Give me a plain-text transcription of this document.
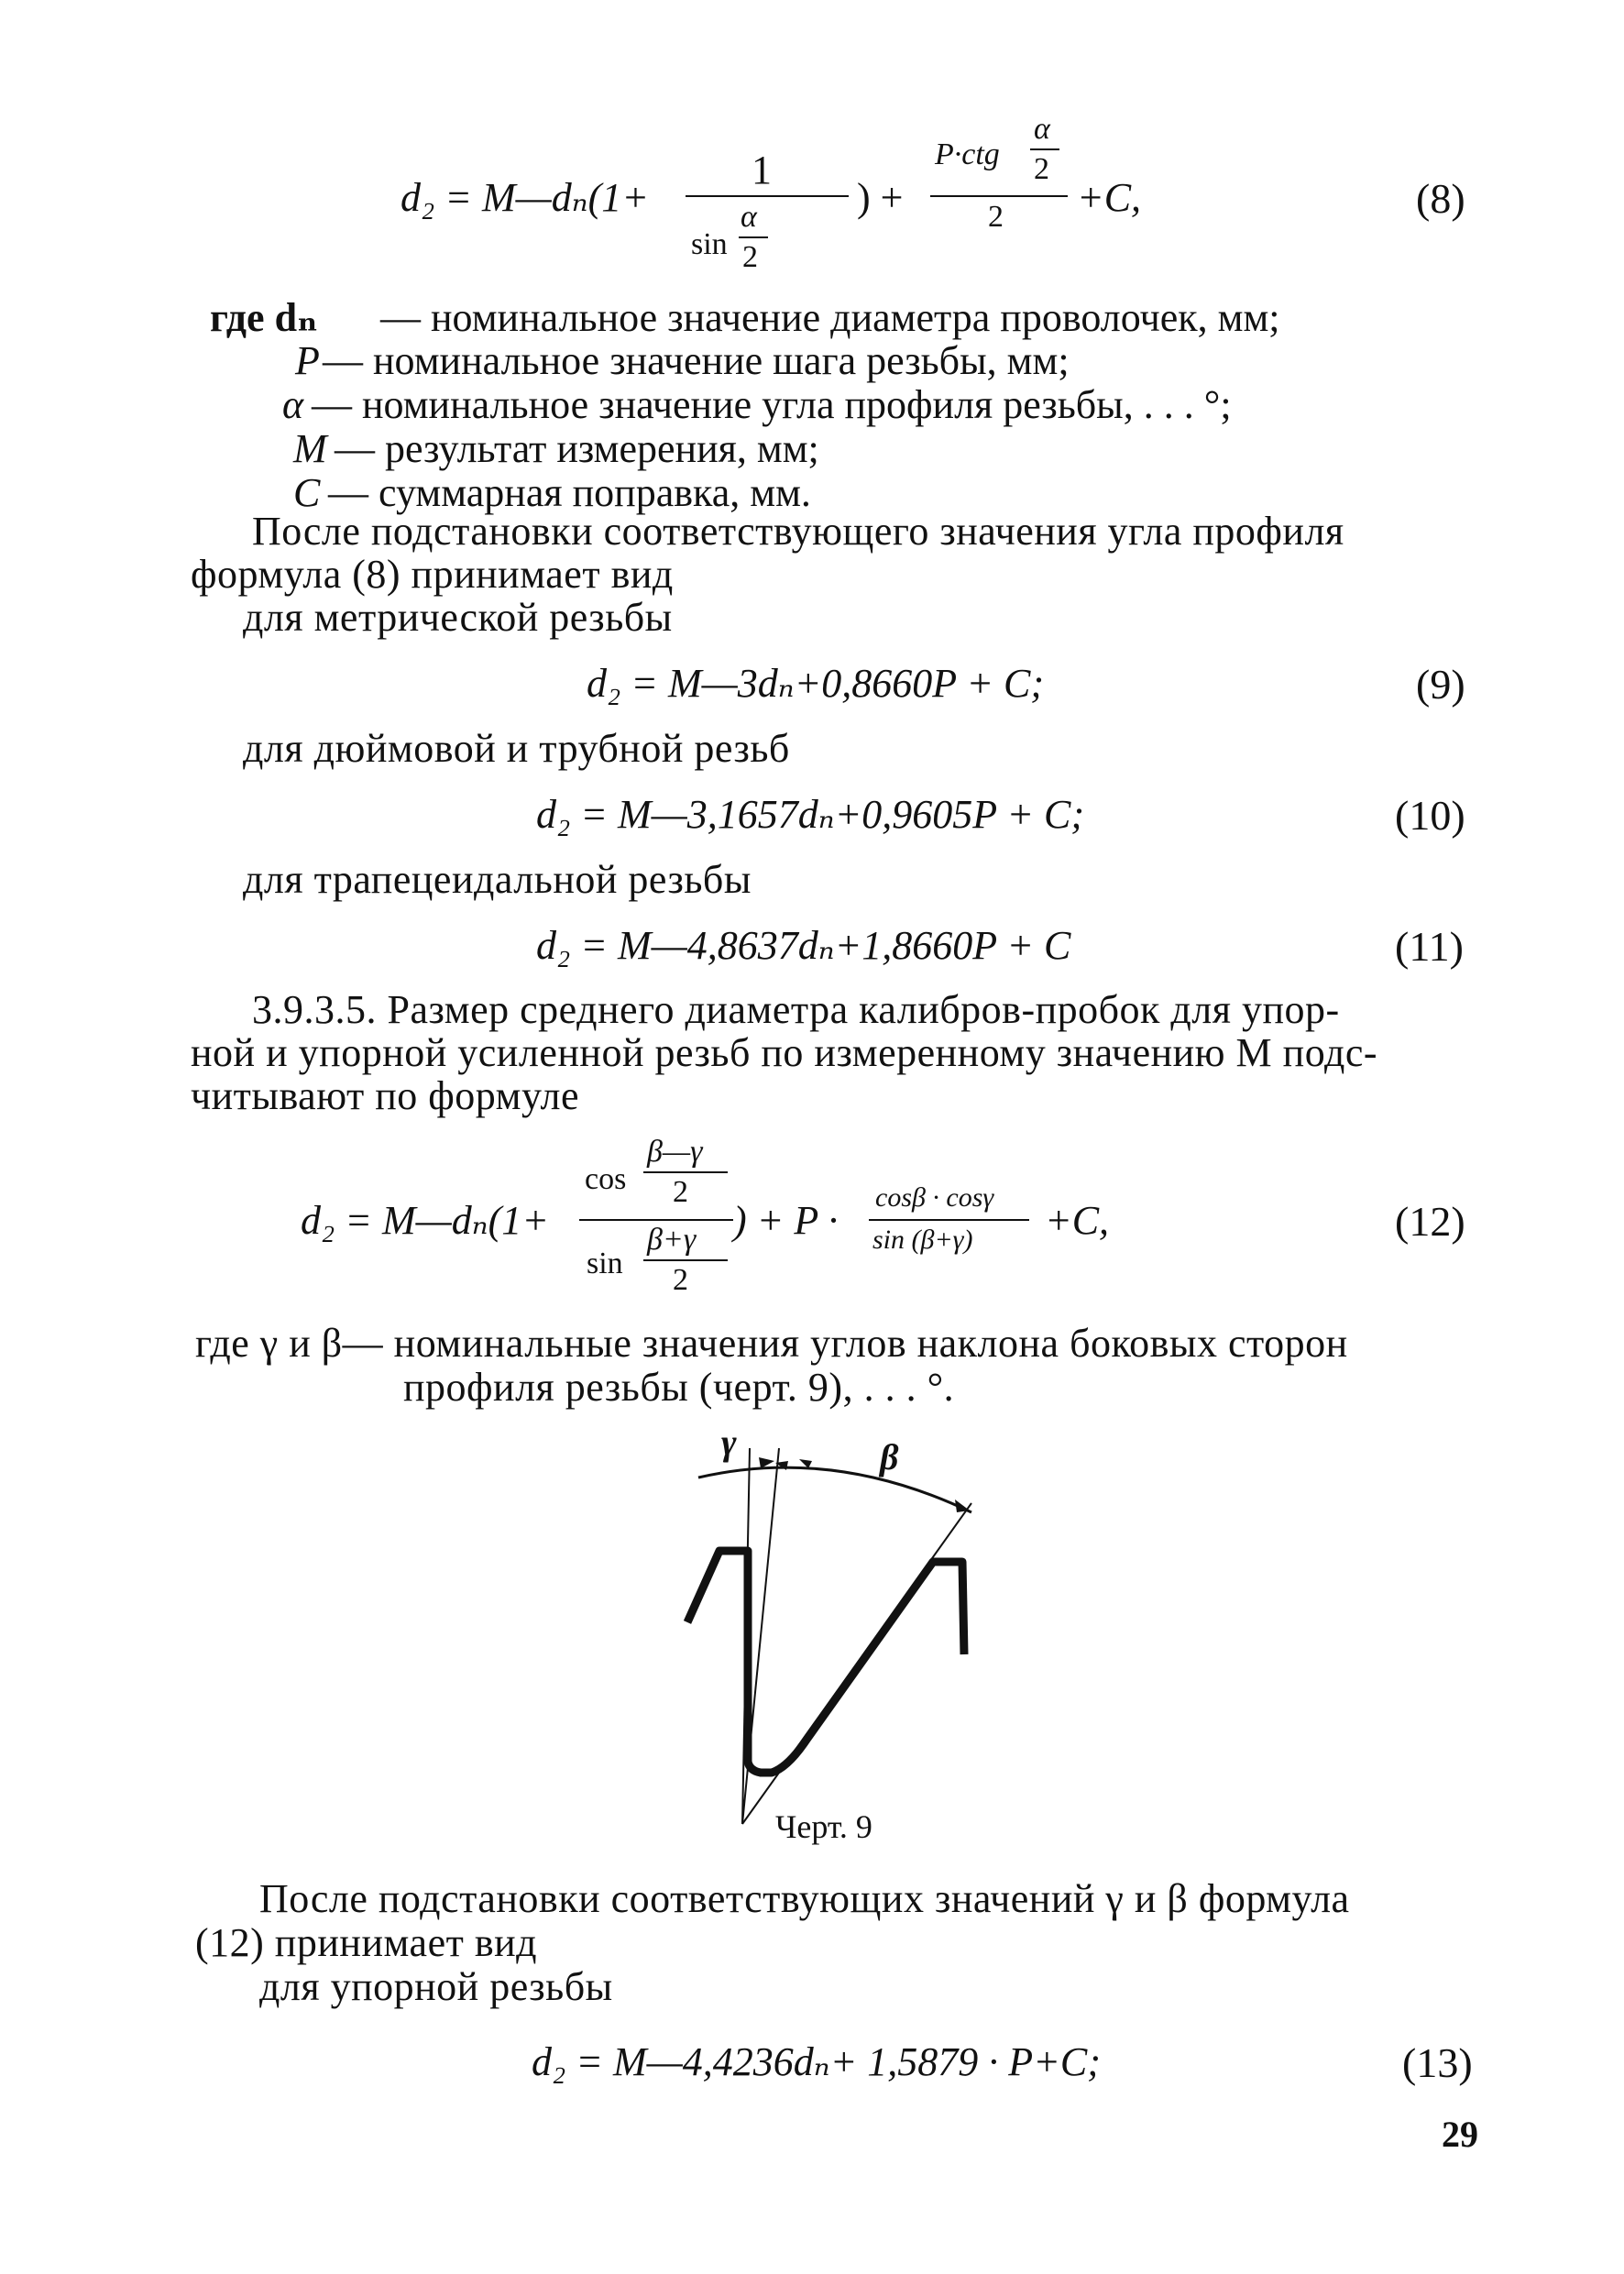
d₂ = M—dₙ(1+
1
sin
α
2
) +
P·ctg
α
2
2 +C,	(8)
где dₙ — номинальное значение диаметра проволочек, мм;
P — номинальное значение шага резьбы, мм;
α — номинальное значение угла профиля резьбы, . . . °;
M — результат измерения, мм;
C — суммарная поправка, мм.
После подстановки соответствующего значения угла профиля
формула (8) принимает вид
для метрической резьбы
d₂ = M—3dₙ+0,8660P + C;	(9)
для дюймовой и трубной резьб
d₂ = M—3,1657dₙ+0,9605P + C;	(10)
для трапецеидальной резьбы
d₂ = M—4,8637dₙ+1,8660P + C	(11)
3.9.3.5. Размер среднего диаметра калибров-пробок для упор-
ной и упорной усиленной резьб по измеренному значению M подс-
читывают по формуле
d₂ = M—dₙ(1+
cos
β—γ
2
sin
β+γ
2
) + P ·
cosβ · cosγ
sin (β+γ) +C,	(12)
где γ и β— номинальные значения углов наклона боковых сторон
профиля резьбы (черт. 9), . . . °.
γ	β
Черт. 9
После подстановки соответствующих значений γ и β формула
(12) принимает вид
для упорной резьбы
d₂ = M—4,4236dₙ+ 1,5879 · P+C;	(13)
29
